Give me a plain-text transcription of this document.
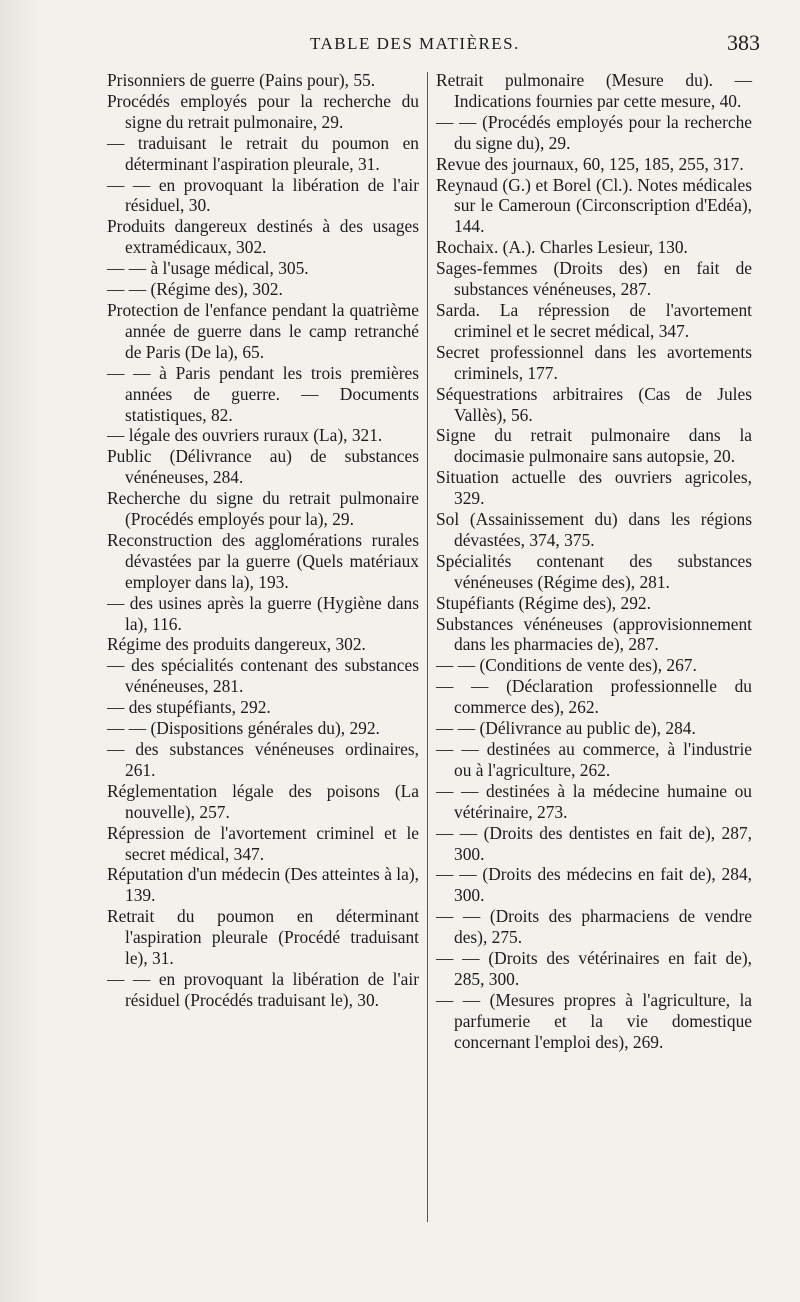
TABLE DES MATIÈRES.	383

Prisonniers de guerre (Pains pour), 55.

Procédés employés pour la recherche du signe du retrait pulmonaire, 29.

— traduisant le retrait du poumon en déterminant l'aspiration pleurale, 31.

— — en provoquant la libération de l'air résiduel, 30.

Produits dangereux destinés à des usages extramédicaux, 302.

— — à l'usage médical, 305.

— — (Régime des), 302.

Protection de l'enfance pendant la quatrième année de guerre dans le camp retranché de Paris (De la), 65.

— — à Paris pendant les trois premières années de guerre. — Documents statistiques, 82.

— légale des ouvriers ruraux (La), 321.

Public (Délivrance au) de substances vénéneuses, 284.

Recherche du signe du retrait pulmonaire (Procédés employés pour la), 29.

Reconstruction des agglomérations rurales dévastées par la guerre (Quels matériaux employer dans la), 193.

— des usines après la guerre (Hygiène dans la), 116.

Régime des produits dangereux, 302.

— des spécialités contenant des substances vénéneuses, 281.

— des stupéfiants, 292.

— — (Dispositions générales du), 292.

— des substances vénéneuses ordinaires, 261.

Réglementation légale des poisons (La nouvelle), 257.

Répression de l'avortement criminel et le secret médical, 347.

Réputation d'un médecin (Des atteintes à la), 139.

Retrait du poumon en déterminant l'aspiration pleurale (Procédé traduisant le), 31.

— — en provoquant la libération de l'air résiduel (Procédés traduisant le), 30.

Retrait pulmonaire (Mesure du). — Indications fournies par cette mesure, 40.

— — (Procédés employés pour la recherche du signe du), 29.

Revue des journaux, 60, 125, 185, 255, 317.

Reynaud (G.) et Borel (Cl.). Notes médicales sur le Cameroun (Circonscription d'Edéa), 144.

Rochaix. (A.). Charles Lesieur, 130.

Sages-femmes (Droits des) en fait de substances vénéneuses, 287.

Sarda. La répression de l'avortement criminel et le secret médical, 347.

Secret professionnel dans les avortements criminels, 177.

Séquestrations arbitraires (Cas de Jules Vallès), 56.

Signe du retrait pulmonaire dans la docimasie pulmonaire sans autopsie, 20.

Situation actuelle des ouvriers agricoles, 329.

Sol (Assainissement du) dans les régions dévastées, 374, 375.

Spécialités contenant des substances vénéneuses (Régime des), 281.

Stupéfiants (Régime des), 292.

Substances vénéneuses (approvisionnement dans les pharmacies de), 287.

— — (Conditions de vente des), 267.

— — (Déclaration professionnelle du commerce des), 262.

— — (Délivrance au public de), 284.

— — destinées au commerce, à l'industrie ou à l'agriculture, 262.

— — destinées à la médecine humaine ou vétérinaire, 273.

— — (Droits des dentistes en fait de), 287, 300.

— — (Droits des médecins en fait de), 284, 300.

— — (Droits des pharmaciens de vendre des), 275.

— — (Droits des vétérinaires en fait de), 285, 300.

— — (Mesures propres à l'agriculture, la parfumerie et la vie domestique concernant l'emploi des), 269.
